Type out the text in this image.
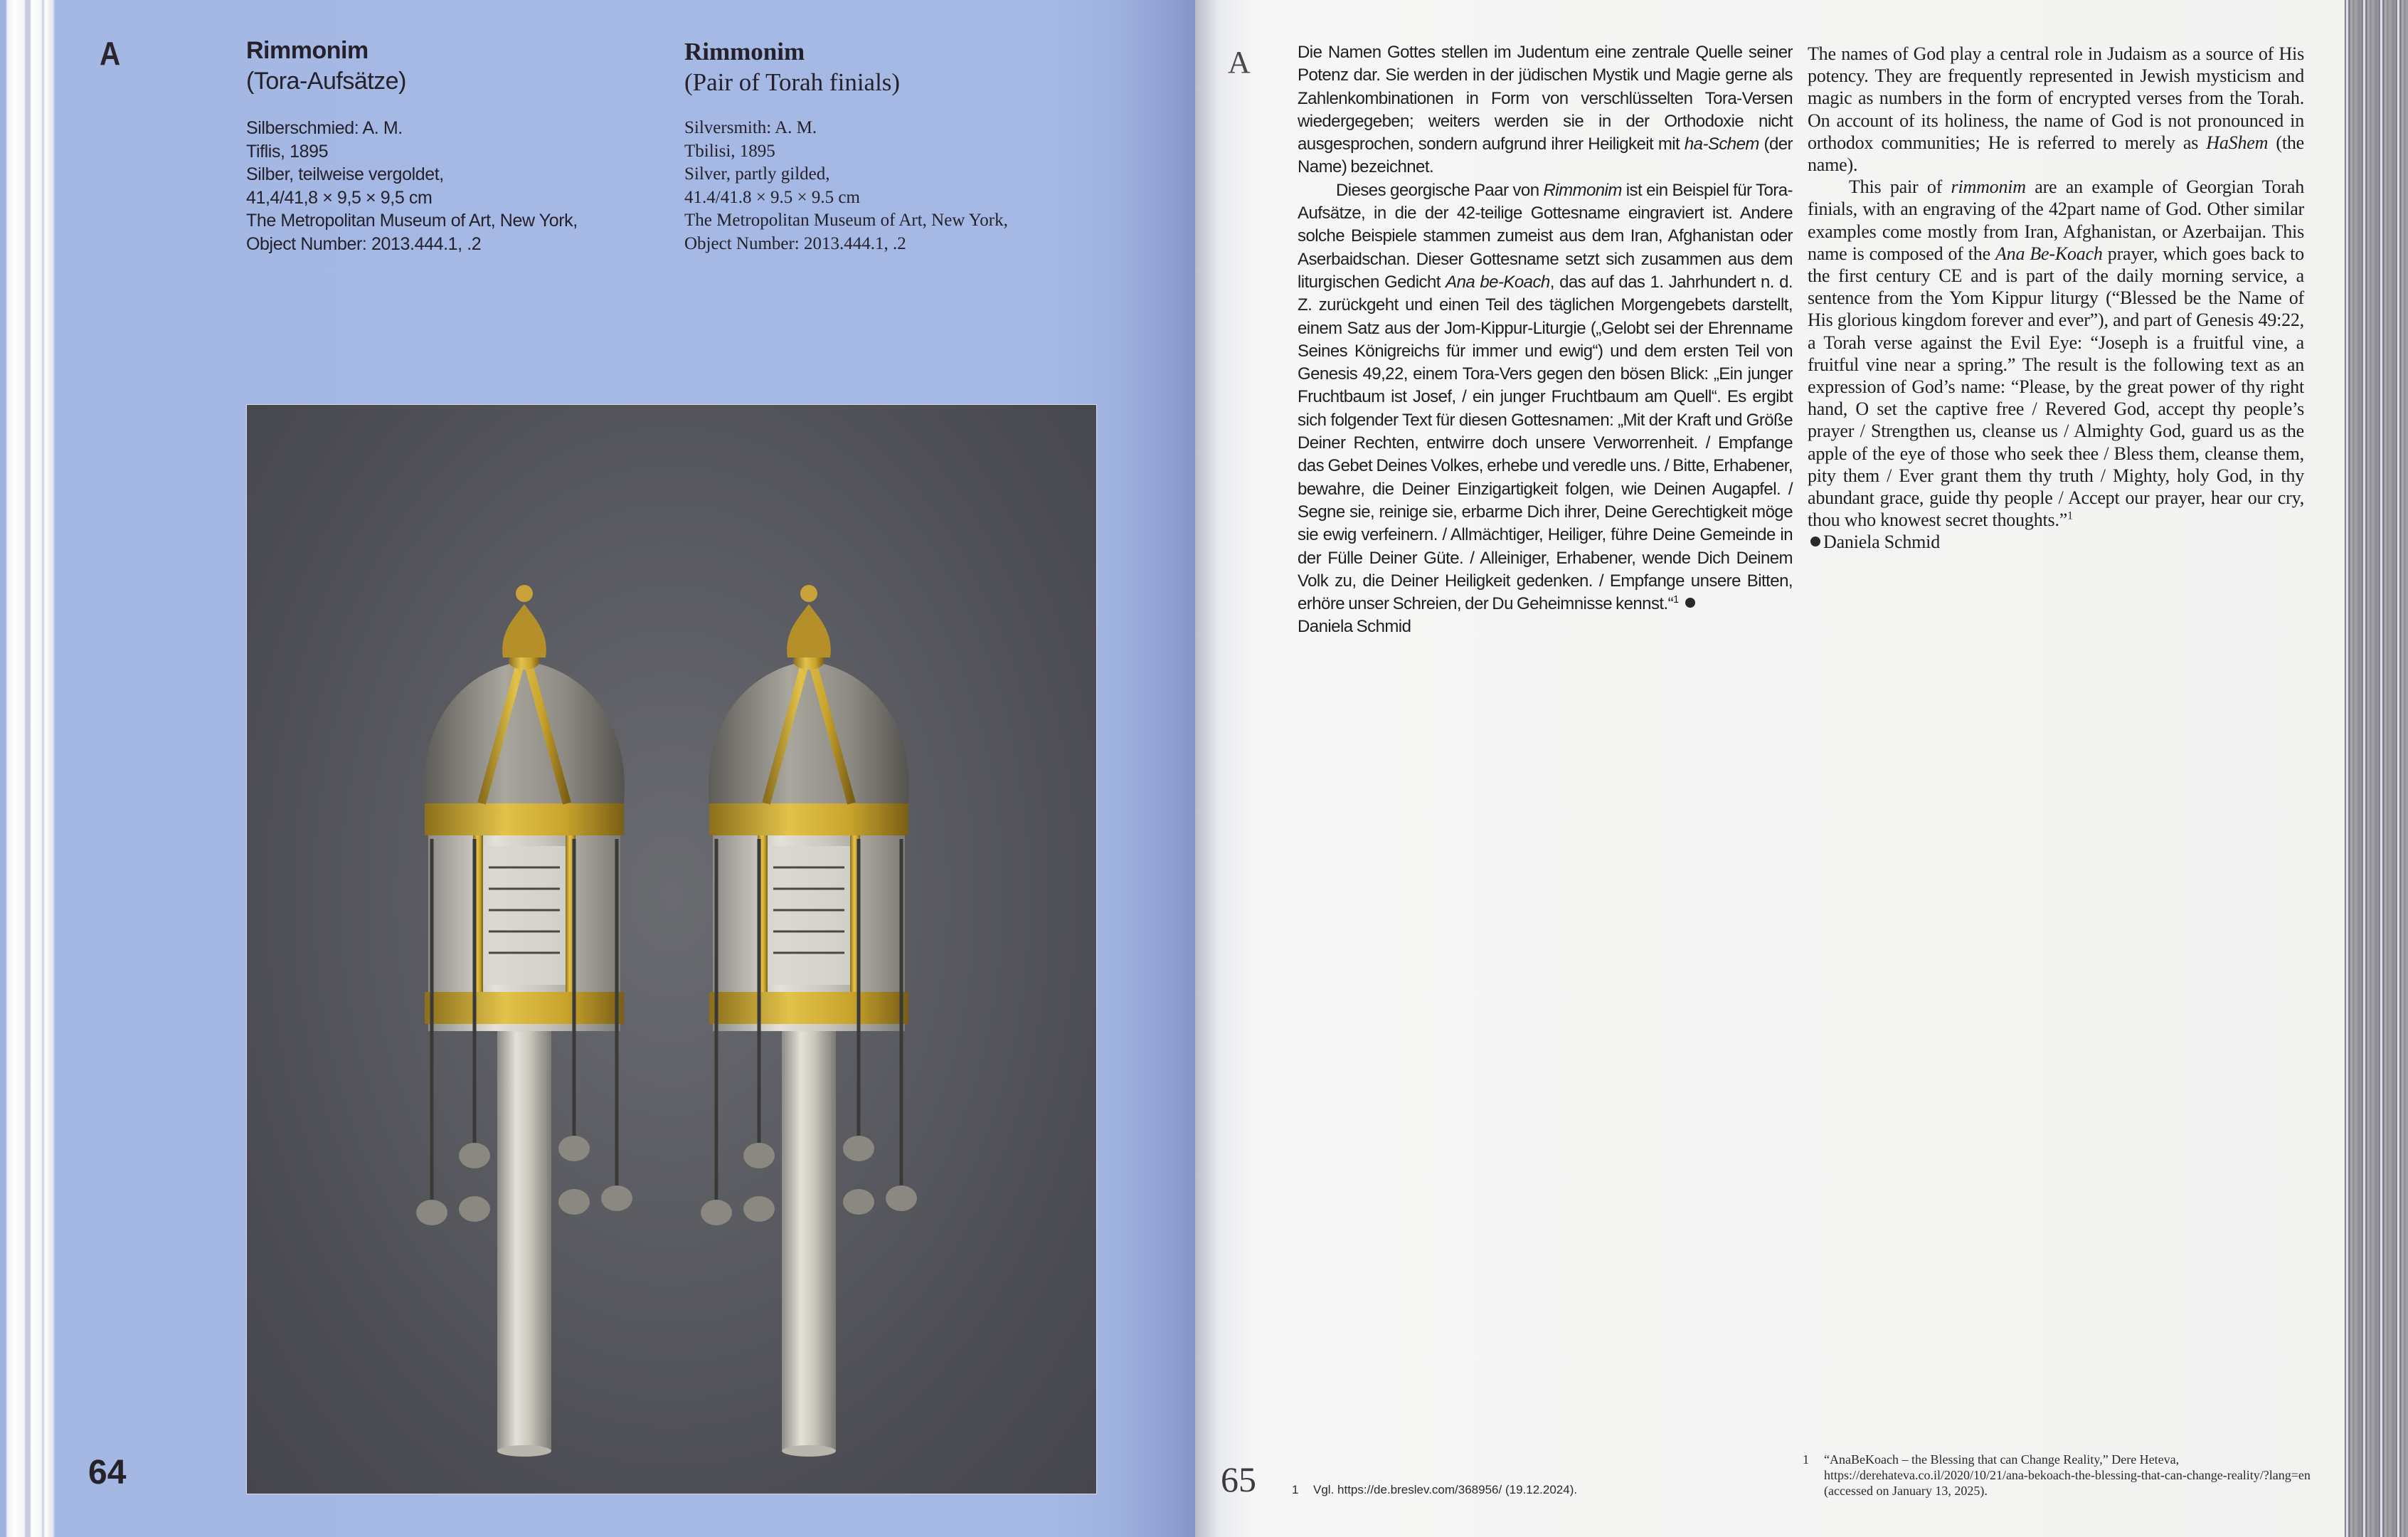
A	Rimmonim
(Tora-Aufsätze)
Silberschmied: A. M.
Tiflis, 1895
Silber, teilweise vergoldet,
41,4/41,8 × 9,5 × 9,5 cm
The Metropolitan Museum of Art, New York,
Object Number: 2013.444.1, .2
Rimmonim
(Pair of Torah finials)
Silversmith: A. M.
Tbilisi, 1895
Silver, partly gilded,
41.4/41.8 × 9.5 × 9.5 cm
The Metropolitan Museum of Art, New York,
Object Number: 2013.444.1, .2
64
A	Die Namen Gottes stellen im Judentum eine zentrale Quelle seiner Potenz dar. Sie werden in der jüdischen Mystik und Magie gerne als Zahlenkombinationen in Form von verschlüsselten Tora-Versen wiedergegeben; weiters werden sie in der Orthodoxie nicht ausgesprochen, sondern aufgrund ihrer Heiligkeit mit ha-Schem (der Name) bezeichnet.

Dieses georgische Paar von Rimmonim ist ein Beispiel für Tora-Aufsätze, in die der 42-teilige Gottesname eingraviert ist. Andere solche Beispiele stammen zumeist aus dem Iran, Afghanistan oder Aserbaidschan. Dieser Gottesname setzt sich zusammen aus dem liturgischen Gedicht Ana be-Koach, das auf das 1. Jahrhundert n. d. Z. zurückgeht und einen Teil des täglichen Morgengebets darstellt, einem Satz aus der Jom-Kippur-Liturgie („Gelobt sei der Ehrenname Seines Königreichs für immer und ewig“) und dem ersten Teil von Genesis 49,22, einem Tora-Vers gegen den bösen Blick: „Ein junger Fruchtbaum ist Josef, / ein junger Fruchtbaum am Quell“. Es ergibt sich folgender Text für diesen Gottesnamen: „Mit der Kraft und Größe Deiner Rechten, entwirre doch unsere Verworrenheit. / Empfange das Gebet Deines Volkes, erhebe und veredle uns. / Bitte, Erhabener, bewahre, die Deiner Einzigartigkeit folgen, wie Deinen Augapfel. / Segne sie, reinige sie, erbarme Dich ihrer, Deine Gerechtigkeit möge sie ewig verfeinern. / Allmächtiger, Heiliger, führe Deine Gemeinde in der Fülle Deiner Güte. / Alleiniger, Erhabener, wende Dich Deinem Volk zu, die Deiner Heiligkeit gedenken. / Empfange unsere Bitten, erhöre unser Schreien, der Du Geheimnisse kennst.“$^1$
Daniela Schmid

The names of God play a central role in Judaism as a source of His potency. They are frequently represented in Jewish mysticism and magic as numbers in the form of encrypted verses from the Torah. On account of its holiness, the name of God is not pronounced in orthodox communities; He is referred to merely as HaShem (the name).

This pair of rimmonim are an example of Georgian Torah finials, with an engraving of the 42part name of God. Other similar examples come mostly from Iran, Afghanistan, or Azerbaijan. This name is composed of the Ana Be-Koach prayer, which goes back to the first century CE and is part of the daily morning service, a sentence from the Yom Kippur liturgy (“Blessed be the Name of His glorious kingdom forever and ever”), and part of Genesis 49:22, a Torah verse against the Evil Eye: “Joseph is a fruitful vine, a fruitful vine near a spring.” The result is the following text as an expression of God’s name: “Please, by the great power of thy right hand, O set the captive free / Revered God, accept thy people’s prayer / Strengthen us, cleanse us / Almighty God, guard us as the apple of the eye of those who seek thee / Bless them, cleanse them, pity them / Ever grant them thy truth / Mighty, holy God, in thy abundant grace, guide thy people / Accept our prayer, hear our cry, thou who knowest secret thoughts.”$^1$
Daniela Schmid

65	1 Vgl. https://de.breslev.com/368956/ (19.12.2024).
1	“AnaBeKoach – the Blessing that can Change Reality,” Dere Heteva, https://derehateva.co.il/2020/10/21/ana-bekoach-the-blessing-that-can-change-reality/?lang=en (accessed on January 13, 2025).
